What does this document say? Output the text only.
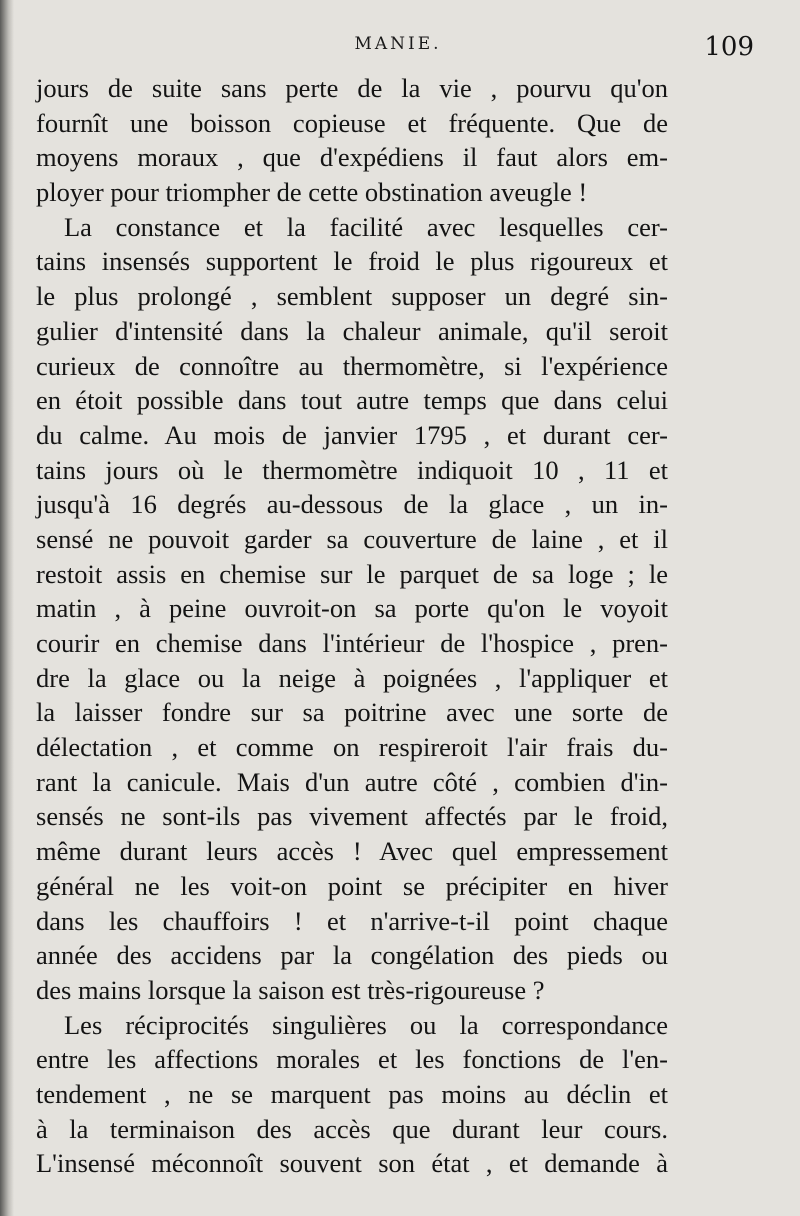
MANIE.	109
jours de suite sans perte de la vie , pourvu qu'on
fournît une boisson copieuse et fréquente. Que de
moyens moraux , que d'expédiens il faut alors em-
ployer pour triompher de cette obstination aveugle !
La constance et la facilité avec lesquelles cer-
tains insensés supportent le froid le plus rigoureux et
le plus prolongé , semblent supposer un degré sin-
gulier d'intensité dans la chaleur animale, qu'il seroit
curieux de connoître au thermomètre, si l'expérience
en étoit possible dans tout autre temps que dans celui
du calme. Au mois de janvier 1795 , et durant cer-
tains jours où le thermomètre indiquoit 10 , 11 et
jusqu'à 16 degrés au-dessous de la glace , un in-
sensé ne pouvoit garder sa couverture de laine , et il
restoit assis en chemise sur le parquet de sa loge ; le
matin , à peine ouvroit-on sa porte qu'on le voyoit
courir en chemise dans l'intérieur de l'hospice , pren-
dre la glace ou la neige à poignées , l'appliquer et
la laisser fondre sur sa poitrine avec une sorte de
délectation , et comme on respireroit l'air frais du-
rant la canicule. Mais d'un autre côté , combien d'in-
sensés ne sont-ils pas vivement affectés par le froid,
même durant leurs accès ! Avec quel empressement
général ne les voit-on point se précipiter en hiver
dans les chauffoirs ! et n'arrive-t-il point chaque
année des accidens par la congélation des pieds ou
des mains lorsque la saison est très-rigoureuse ?
Les réciprocités singulières ou la correspondance
entre les affections morales et les fonctions de l'en-
tendement , ne se marquent pas moins au déclin et
à la terminaison des accès que durant leur cours.
L'insensé méconnoît souvent son état , et demande à
